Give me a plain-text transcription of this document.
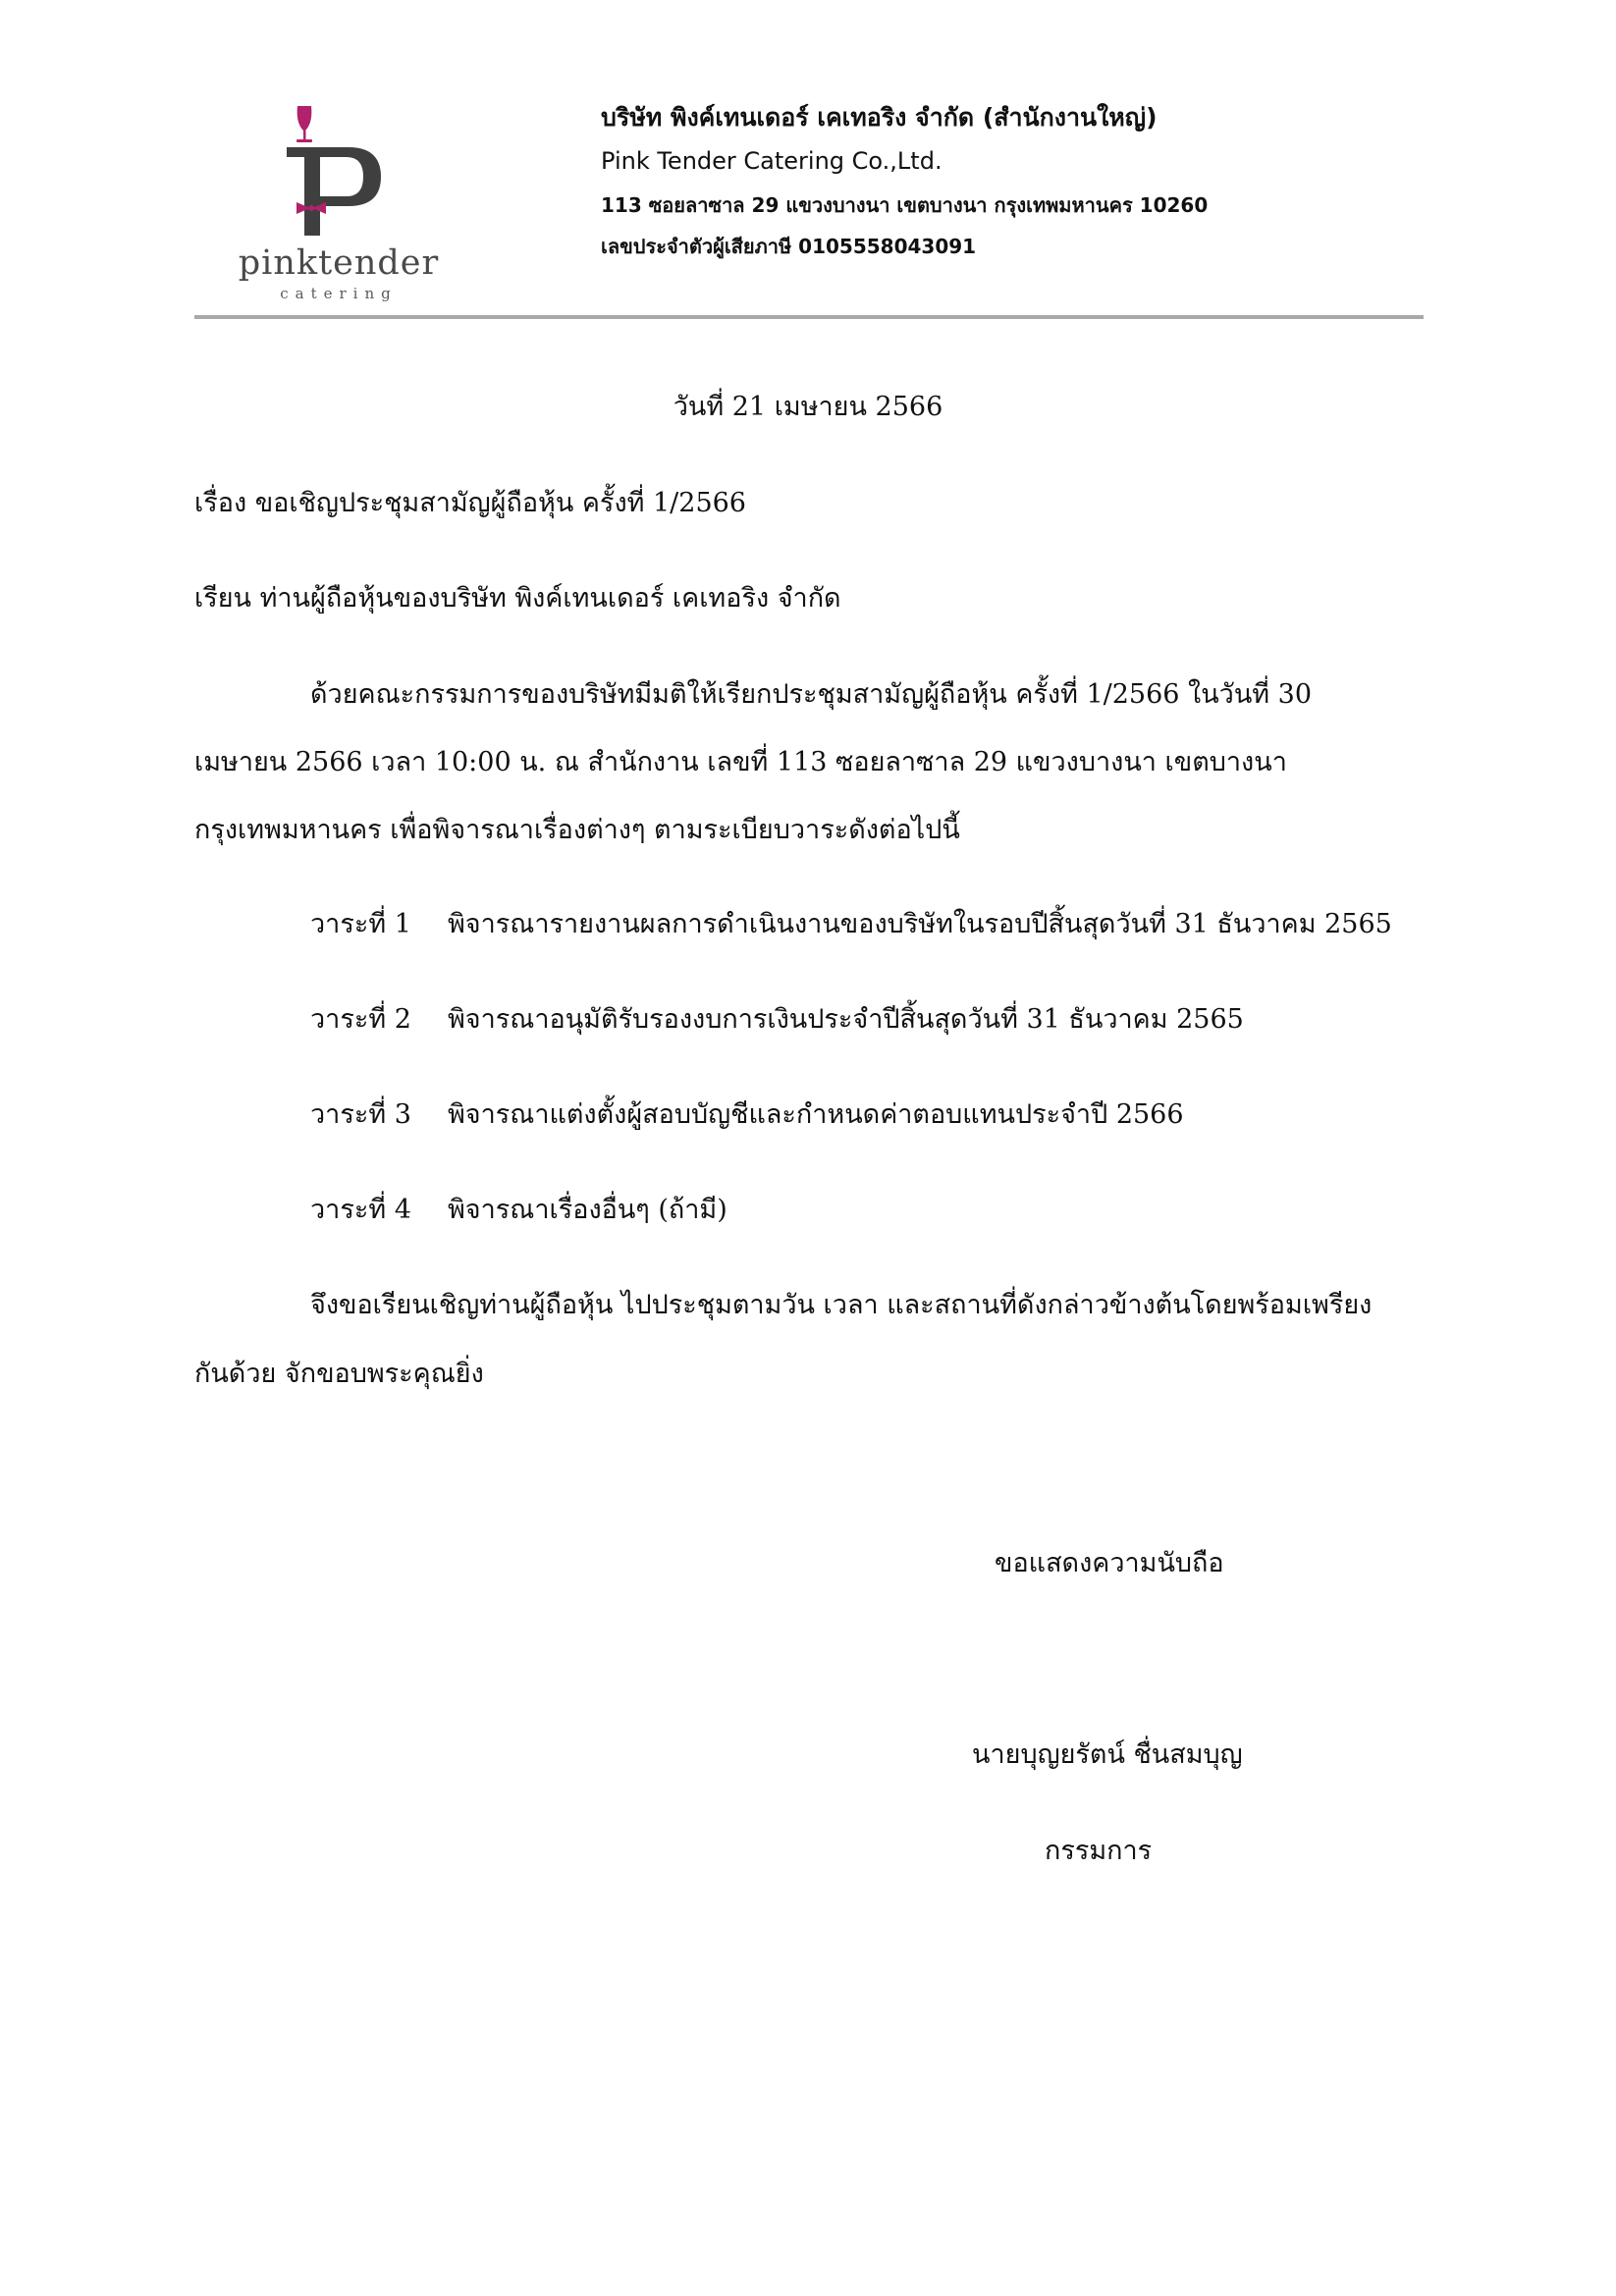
pinktender
catering
บริษัท พิงค์เทนเดอร์ เคเทอริง จำกัด (สำนักงานใหญ่)
Pink Tender Catering Co.,Ltd.
113 ซอยลาซาล 29 แขวงบางนา เขตบางนา กรุงเทพมหานคร 10260
เลขประจำตัวผู้เสียภาษี 0105558043091
วันที่ 21 เมษายน 2566
เรื่อง ขอเชิญประชุมสามัญผู้ถือหุ้น ครั้งที่ 1/2566
เรียน ท่านผู้ถือหุ้นของบริษัท พิงค์เทนเดอร์ เคเทอริง จำกัด
ด้วยคณะกรรมการของบริษัทมีมติให้เรียกประชุมสามัญผู้ถือหุ้น ครั้งที่ 1/2566 ในวันที่ 30
เมษายน 2566 เวลา 10:00 น. ณ สำนักงาน เลขที่ 113 ซอยลาซาล 29 แขวงบางนา เขตบางนา
กรุงเทพมหานคร เพื่อพิจารณาเรื่องต่างๆ ตามระเบียบวาระดังต่อไปนี้
วาระที่ 1 พิจารณารายงานผลการดำเนินงานของบริษัทในรอบปีสิ้นสุดวันที่ 31 ธันวาคม 2565
วาระที่ 2 พิจารณาอนุมัติรับรองงบการเงินประจำปีสิ้นสุดวันที่ 31 ธันวาคม 2565
วาระที่ 3 พิจารณาแต่งตั้งผู้สอบบัญชีและกำหนดค่าตอบแทนประจำปี 2566
วาระที่ 4 พิจารณาเรื่องอื่นๆ (ถ้ามี)
จึงขอเรียนเชิญท่านผู้ถือหุ้น ไปประชุมตามวัน เวลา และสถานที่ดังกล่าวข้างต้นโดยพร้อมเพรียง
กันด้วย จักขอบพระคุณยิ่ง
ขอแสดงความนับถือ
นายบุญยรัตน์ ชื่นสมบุญ
กรรมการ
